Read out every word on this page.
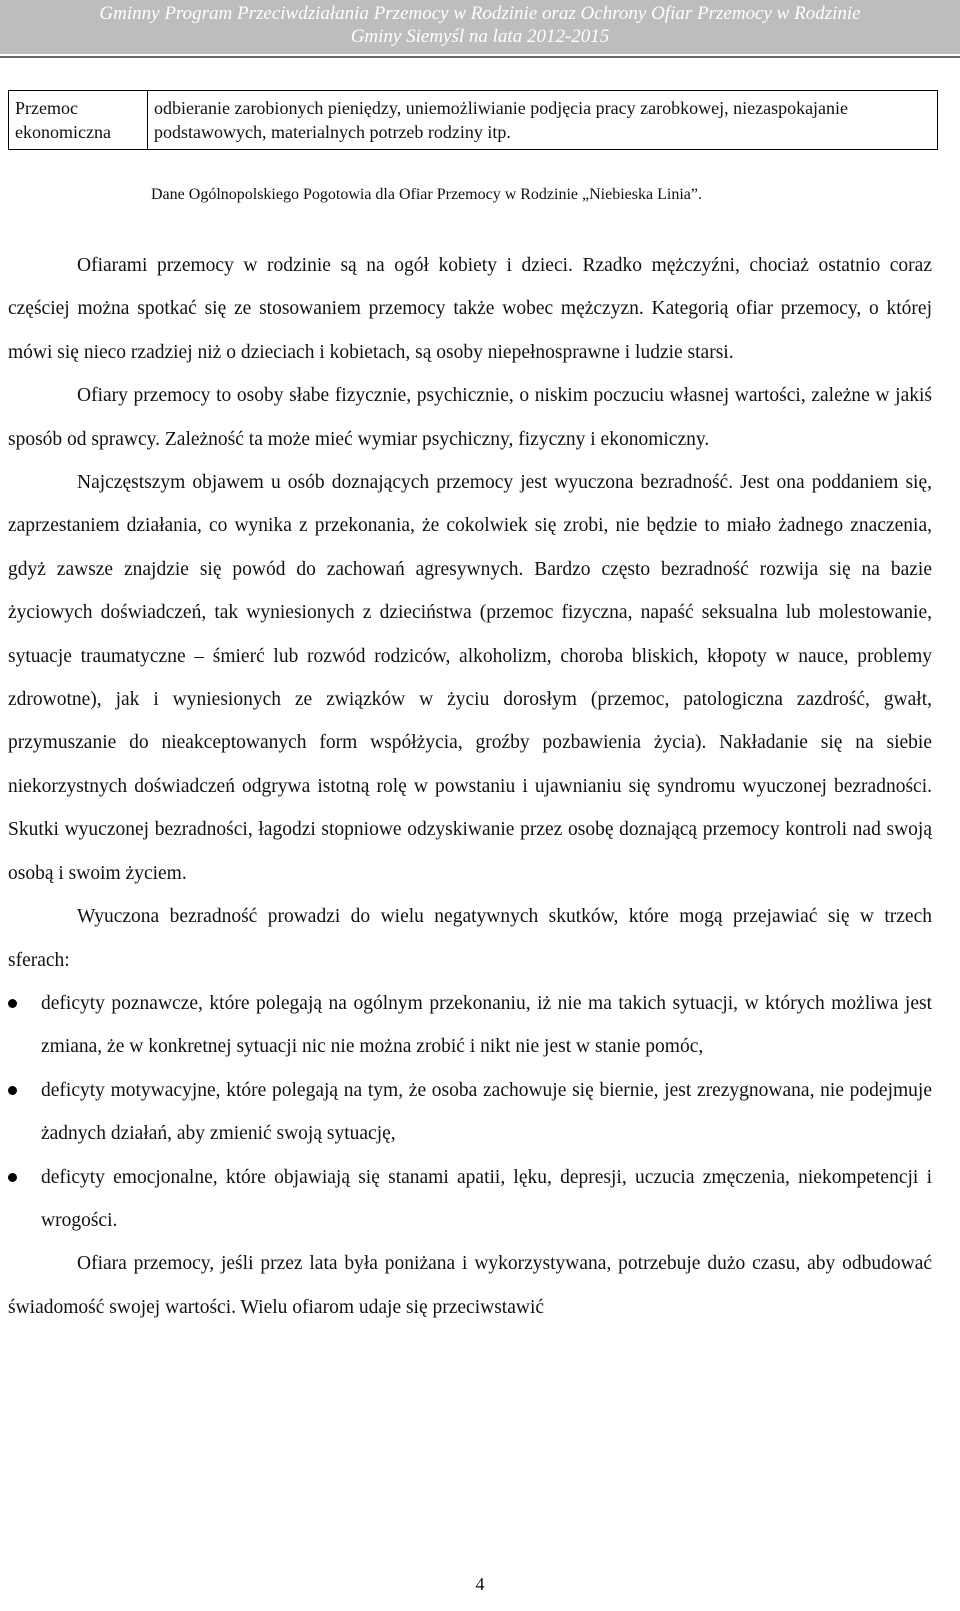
Gminny Program Przeciwdziałania Przemocy w Rodzinie oraz Ochrony Ofiar Przemocy w Rodzinie
Gminy Siemyśl na lata 2012-2015
Przemoc ekonomiczna	odbieranie zarobionych pieniędzy, uniemożliwianie podjęcia pracy zarobkowej, niezaspokajanie podstawowych, materialnych potrzeb rodziny itp.
Dane Ogólnopolskiego Pogotowia dla Ofiar Przemocy w Rodzinie „Niebieska Linia”.

Ofiarami przemocy w rodzinie są na ogół kobiety i dzieci. Rzadko mężczyźni, chociaż ostatnio coraz częściej można spotkać się ze stosowaniem przemocy także wobec mężczyzn. Kategorią ofiar przemocy, o której mówi się nieco rzadziej niż o dzieciach i kobietach, są osoby niepełnosprawne i ludzie starsi.

Ofiary przemocy to osoby słabe fizycznie, psychicznie, o niskim poczuciu własnej wartości, zależne w jakiś sposób od sprawcy. Zależność ta może mieć wymiar psychiczny, fizyczny i ekonomiczny.

Najczęstszym objawem u osób doznających przemocy jest wyuczona bezradność. Jest ona poddaniem się, zaprzestaniem działania, co wynika z przekonania, że cokolwiek się zrobi, nie będzie to miało żadnego znaczenia, gdyż zawsze znajdzie się powód do zachowań agresywnych. Bardzo często bezradność rozwija się na bazie życiowych doświadczeń, tak wyniesionych z dzieciństwa (przemoc fizyczna, napaść seksualna lub molestowanie, sytuacje traumatyczne – śmierć lub rozwód rodziców, alkoholizm, choroba bliskich, kłopoty w nauce, problemy zdrowotne), jak i wyniesionych ze związków w życiu dorosłym (przemoc, patologiczna zazdrość, gwałt, przymuszanie do nieakceptowanych form współżycia, groźby pozbawienia życia). Nakładanie się na siebie niekorzystnych doświadczeń odgrywa istotną rolę w powstaniu i ujawnianiu się syndromu wyuczonej bezradności. Skutki wyuczonej bezradności, łagodzi stopniowe odzyskiwanie przez osobę doznającą przemocy kontroli nad swoją osobą i swoim życiem.

Wyuczona bezradność prowadzi do wielu negatywnych skutków, które mogą przejawiać się w trzech sferach:

deficyty poznawcze, które polegają na ogólnym przekonaniu, iż nie ma takich sytuacji, w których możliwa jest zmiana, że w konkretnej sytuacji nic nie można zrobić i nikt nie jest w stanie pomóc,
deficyty motywacyjne, które polegają na tym, że osoba zachowuje się biernie, jest zrezygnowana, nie podejmuje żadnych działań, aby zmienić swoją sytuację,
deficyty emocjonalne, które objawiają się stanami apatii, lęku, depresji, uczucia zmęczenia, niekompetencji i wrogości.

Ofiara przemocy, jeśli przez lata była poniżana i wykorzystywana, potrzebuje dużo czasu, aby odbudować świadomość swojej wartości. Wielu ofiarom udaje się przeciwstawić

4
